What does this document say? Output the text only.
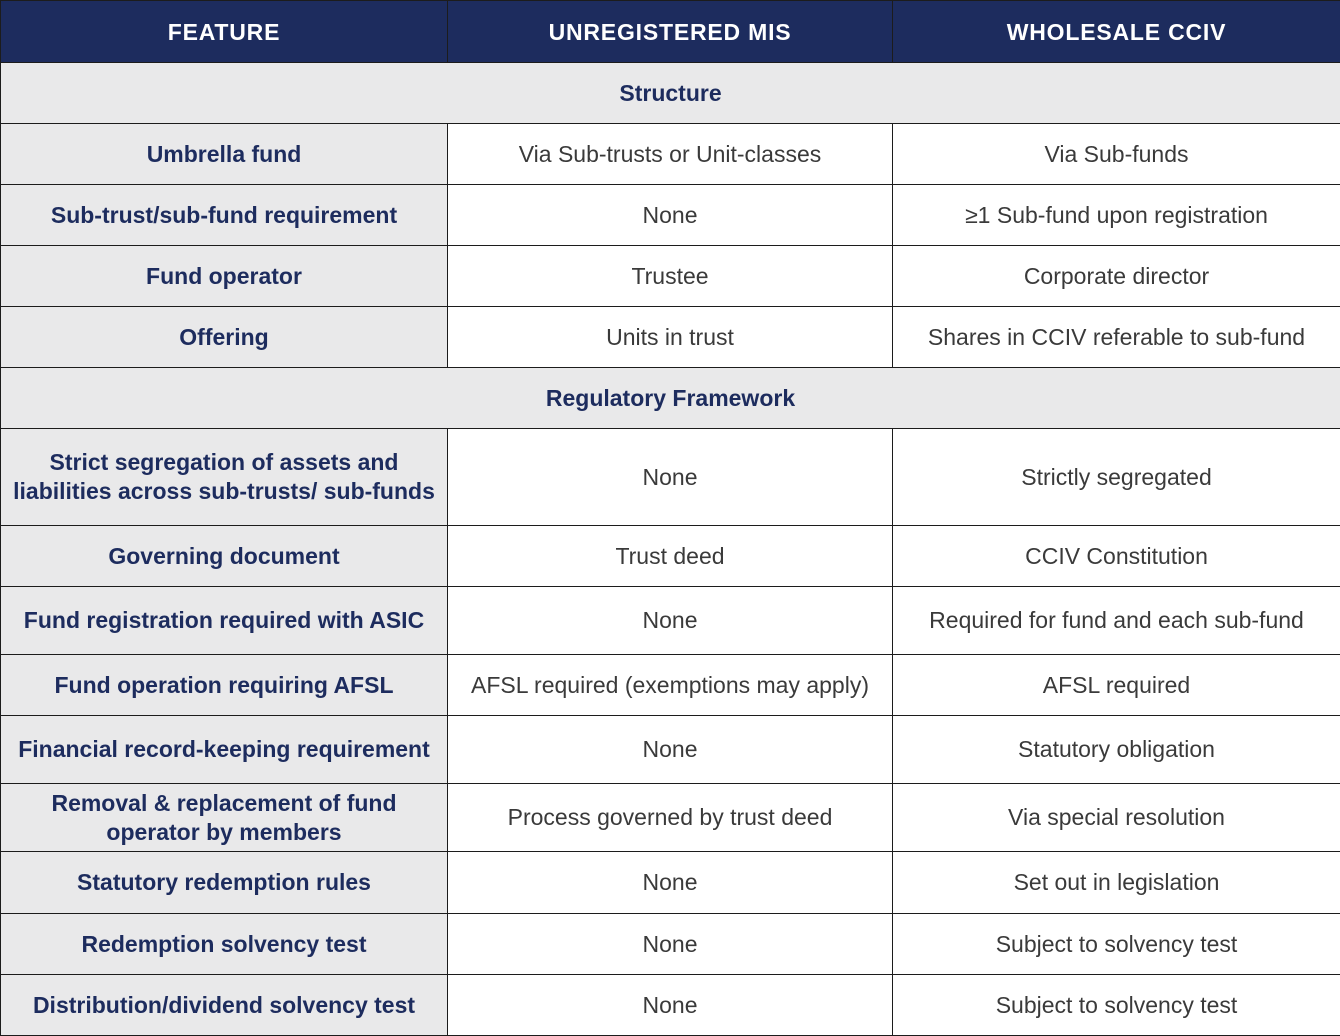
FEATURE	UNREGISTERED MIS	WHOLESALE CCIV
Structure		
Umbrella fund	Via Sub-trusts or Unit-classes	Via Sub-funds
Sub-trust/sub-fund requirement	None	≥1 Sub-fund upon registration
Fund operator	Trustee	Corporate director
Offering	Units in trust	Shares in CCIV referable to sub-fund
Regulatory Framework		
Strict segregation of assets and liabilities across sub-trusts/ sub-funds	None	Strictly segregated
Governing document	Trust deed	CCIV Constitution
Fund registration required with ASIC	None	Required for fund and each sub-fund
Fund operation requiring AFSL	AFSL required (exemptions may apply)	AFSL required
Financial record-keeping requirement	None	Statutory obligation
Removal & replacement of fund operator by members	Process governed by trust deed	Via special resolution
Statutory redemption rules	None	Set out in legislation
Redemption solvency test	None	Subject to solvency test
Distribution/dividend solvency test	None	Subject to solvency test
